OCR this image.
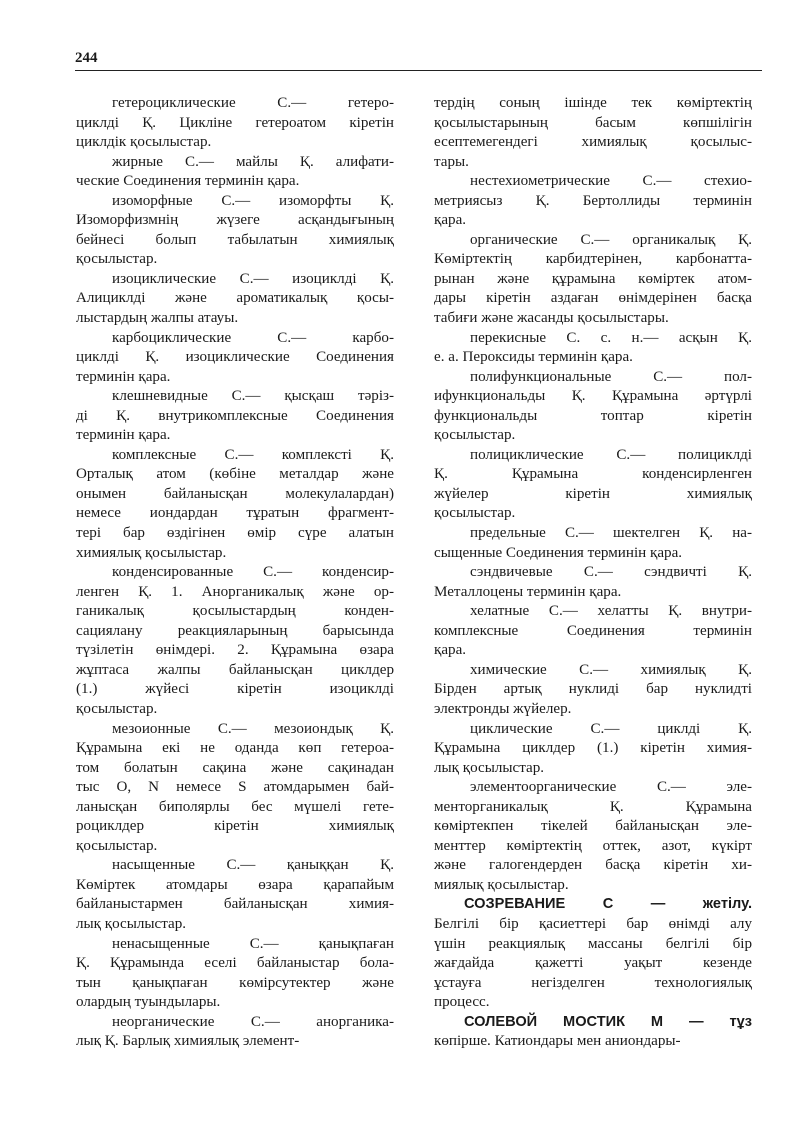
244
гетероциклические С.— гетеро-
циклді Қ. Цикліне гетероатом кіретін
циклдік қосылыстар.
жирные С.— майлы Қ. алифати-
ческие Соединения терминін қара.
изоморфные С.— изоморфты Қ.
Изоморфизмнің жүзеге асқандығының
бейнесі болып табылатын химиялық
қосылыстар.
изоциклические С.— изоциклді Қ.
Алициклді және ароматикалық қосы-
лыстардың жалпы атауы.
карбоциклические С.— карбо-
циклді Қ. изоциклические Соединения
терминін қара.
клешневидные С.— қысқаш тәріз-
ді Қ. внутрикомплексные Соединения
терминін қара.
комплексные С.— комплексті Қ.
Орталық атом (көбіне металдар және
онымен байланысқан молекулалардан)
немесе иондардан тұратын фрагмент-
тері бар өздігінен өмір сүре алатын
химиялық қосылыстар.
конденсированные С.— конденсир-
ленген Қ. 1. Анорганикалық және ор-
ганикалық қосылыстардың конден-
сациялану реакцияларының барысында
түзілетін өнімдері. 2. Құрамына өзара
жұптаса жалпы байланысқан циклдер
(1.) жүйесі кіретін изоциклді
қосылыстар.
мезоионные С.— мезоиондық Қ.
Құрамына екі не оданда көп гетероа-
том болатын сақина және сақинадан
тыс O, N немесе S атомдарымен бай-
ланысқан биполярлы бес мүшелі гете-
роциклдер кіретін химиялық
қосылыстар.
насыщенные С.— қаныққан Қ.
Көміртек атомдары өзара қарапайым
байланыстармен байланысқан химия-
лық қосылыстар.
ненасыщенные С.— қанықпаған
Қ. Құрамында еселі байланыстар бола-
тын қанықпаған көмірсутектер және
олардың туындылары.
неорганические С.— анорганика-
лық Қ. Барлық химиялық элемент-
тердің соның ішінде тек көміртектің
қосылыстарының басым көпшілігін
есептемегендегі химиялық қосылыс-
тары.
нестехиометрические С.— стехио-
метриясыз Қ. Бертоллиды терминін
қара.
органические С.— органикалық Қ.
Көміртектің карбидтерінен, карбонатта-
рынан және құрамына көміртек атом-
дары кіретін аздаған өнімдерінен басқа
табиғи және жасанды қосылыстары.
перекисные С. с. н.— асқын Қ.
е. а. Пероксиды терминін қара.
полифункциональные С.— пол-
ифункциональды Қ. Құрамына әртүрлі
функциональды топтар кіретін
қосылыстар.
полициклические С.— полициклді
Қ. Құрамына конденсирленген
жүйелер кіретін химиялық
қосылыстар.
предельные С.— шектелген Қ. на-
сыщенные Соединения терминін қара.
сэндвичевые С.— сэндвичті Қ.
Металлоцены терминін қара.
хелатные С.— хелатты Қ. внутри-
комплексные Соединения терминін
қара.
химические С.— химиялық Қ.
Бірден артық нуклиді бар нуклидті
электронды жүйелер.
циклические С.— циклді Қ.
Құрамына циклдер (1.) кіретін химия-
лық қосылыстар.
элементоорганические С.— эле-
менторганикалық Қ. Құрамына
көміртекпен тікелей байланысқан эле-
менттер көміртектің оттек, азот, күкірт
және галогендерден басқа кіретін хи-
миялық қосылыстар.
СОЗРЕВАНИЕ С — жетілу.
Белгілі бір қасиеттері бар өнімді алу
үшін реакциялық массаны белгілі бір
жағдайда қажетті уақыт кезенде
ұстауға негізделген технологиялық
процесс.
СОЛЕВОЙ МОСТИК М — тұз
көпірше. Катиондары мен аниондары-
